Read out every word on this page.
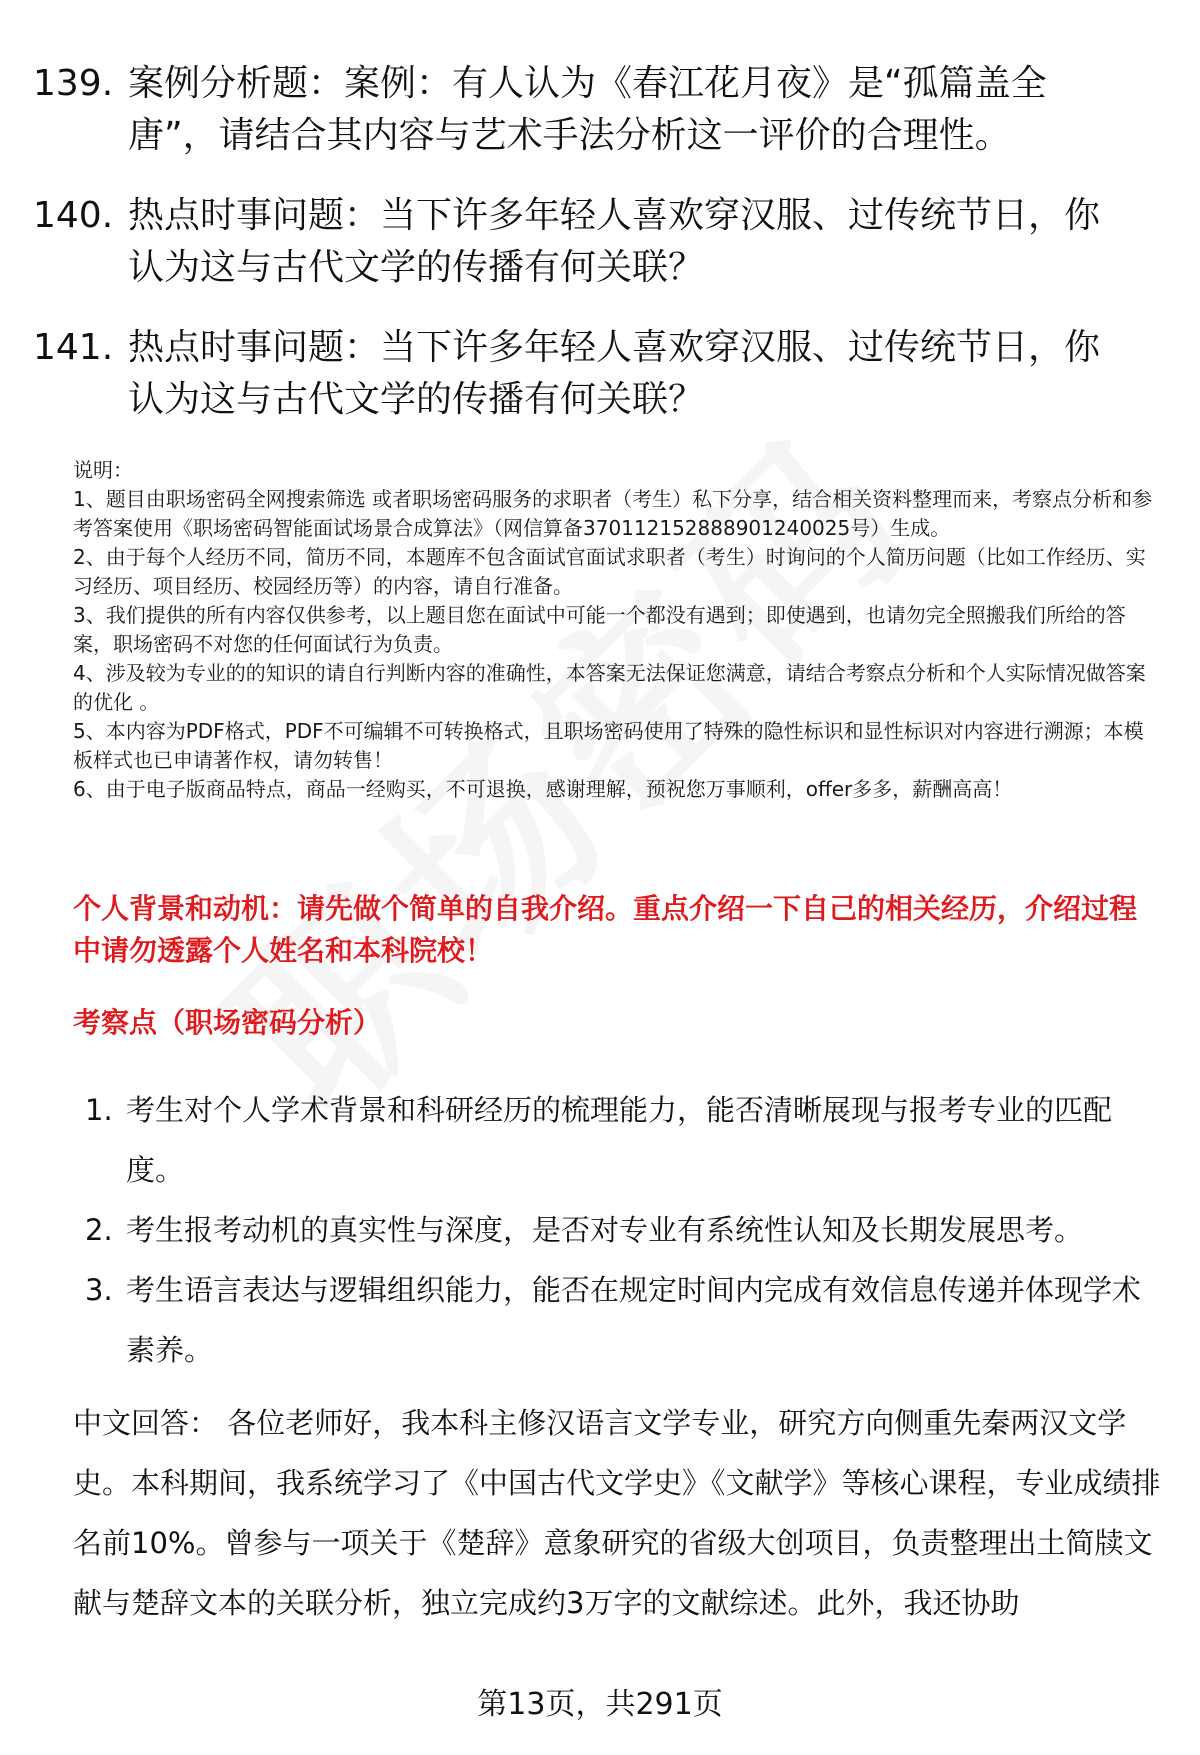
139. 案例分析题：案例：有人认为《春江花月夜》是“孤篇盖全唐”，请结合其内容与艺术手法分析这一评价的合理性。
140. 热点时事问题：当下许多年轻人喜欢穿汉服、过传统节日，你认为这与古代文学的传播有何关联？
141. 热点时事问题：当下许多年轻人喜欢穿汉服、过传统节日，你认为这与古代文学的传播有何关联？

说明：

1、题目由职场密码全网搜索筛选 或者职场密码服务的求职者（考生）私下分享，结合相关资料整理而来，考察点分析和参考答案使用《职场密码智能面试场景合成算法》（网信算备370112152888901240025号）生成。

2、由于每个人经历不同，简历不同，本题库不包含面试官面试求职者（考生）时询问的个人简历问题（比如工作经历、实习经历、项目经历、校园经历等）的内容，请自行准备。

3、我们提供的所有内容仅供参考，以上题目您在面试中可能一个都没有遇到；即使遇到，也请勿完全照搬我们所给的答案，职场密码不对您的任何面试行为负责。

4、涉及较为专业的的知识的请自行判断内容的准确性，本答案无法保证您满意，请结合考察点分析和个人实际情况做答案的优化 。

5、本内容为PDF格式，PDF不可编辑不可转换格式，且职场密码使用了特殊的隐性标识和显性标识对内容进行溯源；本模板样式也已申请著作权，请勿转售！

6、由于电子版商品特点，商品一经购买，不可退换，感谢理解，预祝您万事顺利，offer多多，薪酬高高！

个人背景和动机：请先做个简单的自我介绍。重点介绍一下自己的相关经历，介绍过程中请勿透露个人姓名和本科院校！
考察点（职场密码分析）
1. 考生对个人学术背景和科研经历的梳理能力，能否清晰展现与报考专业的匹配度。
2. 考生报考动机的真实性与深度，是否对专业有系统性认知及长期发展思考。
3. 考生语言表达与逻辑组织能力，能否在规定时间内完成有效信息传递并体现学术素养。

中文回答： 各位老师好，我本科主修汉语言文学专业，研究方向侧重先秦两汉文学史。本科期间，我系统学习了《中国古代文学史》《文献学》等核心课程，专业成绩排名前10%。曾参与一项关于《楚辞》意象研究的省级大创项目，负责整理出土简牍文献与楚辞文本的关联分析，独立完成约3万字的文献综述。此外，我还协助

第13页，共291页
